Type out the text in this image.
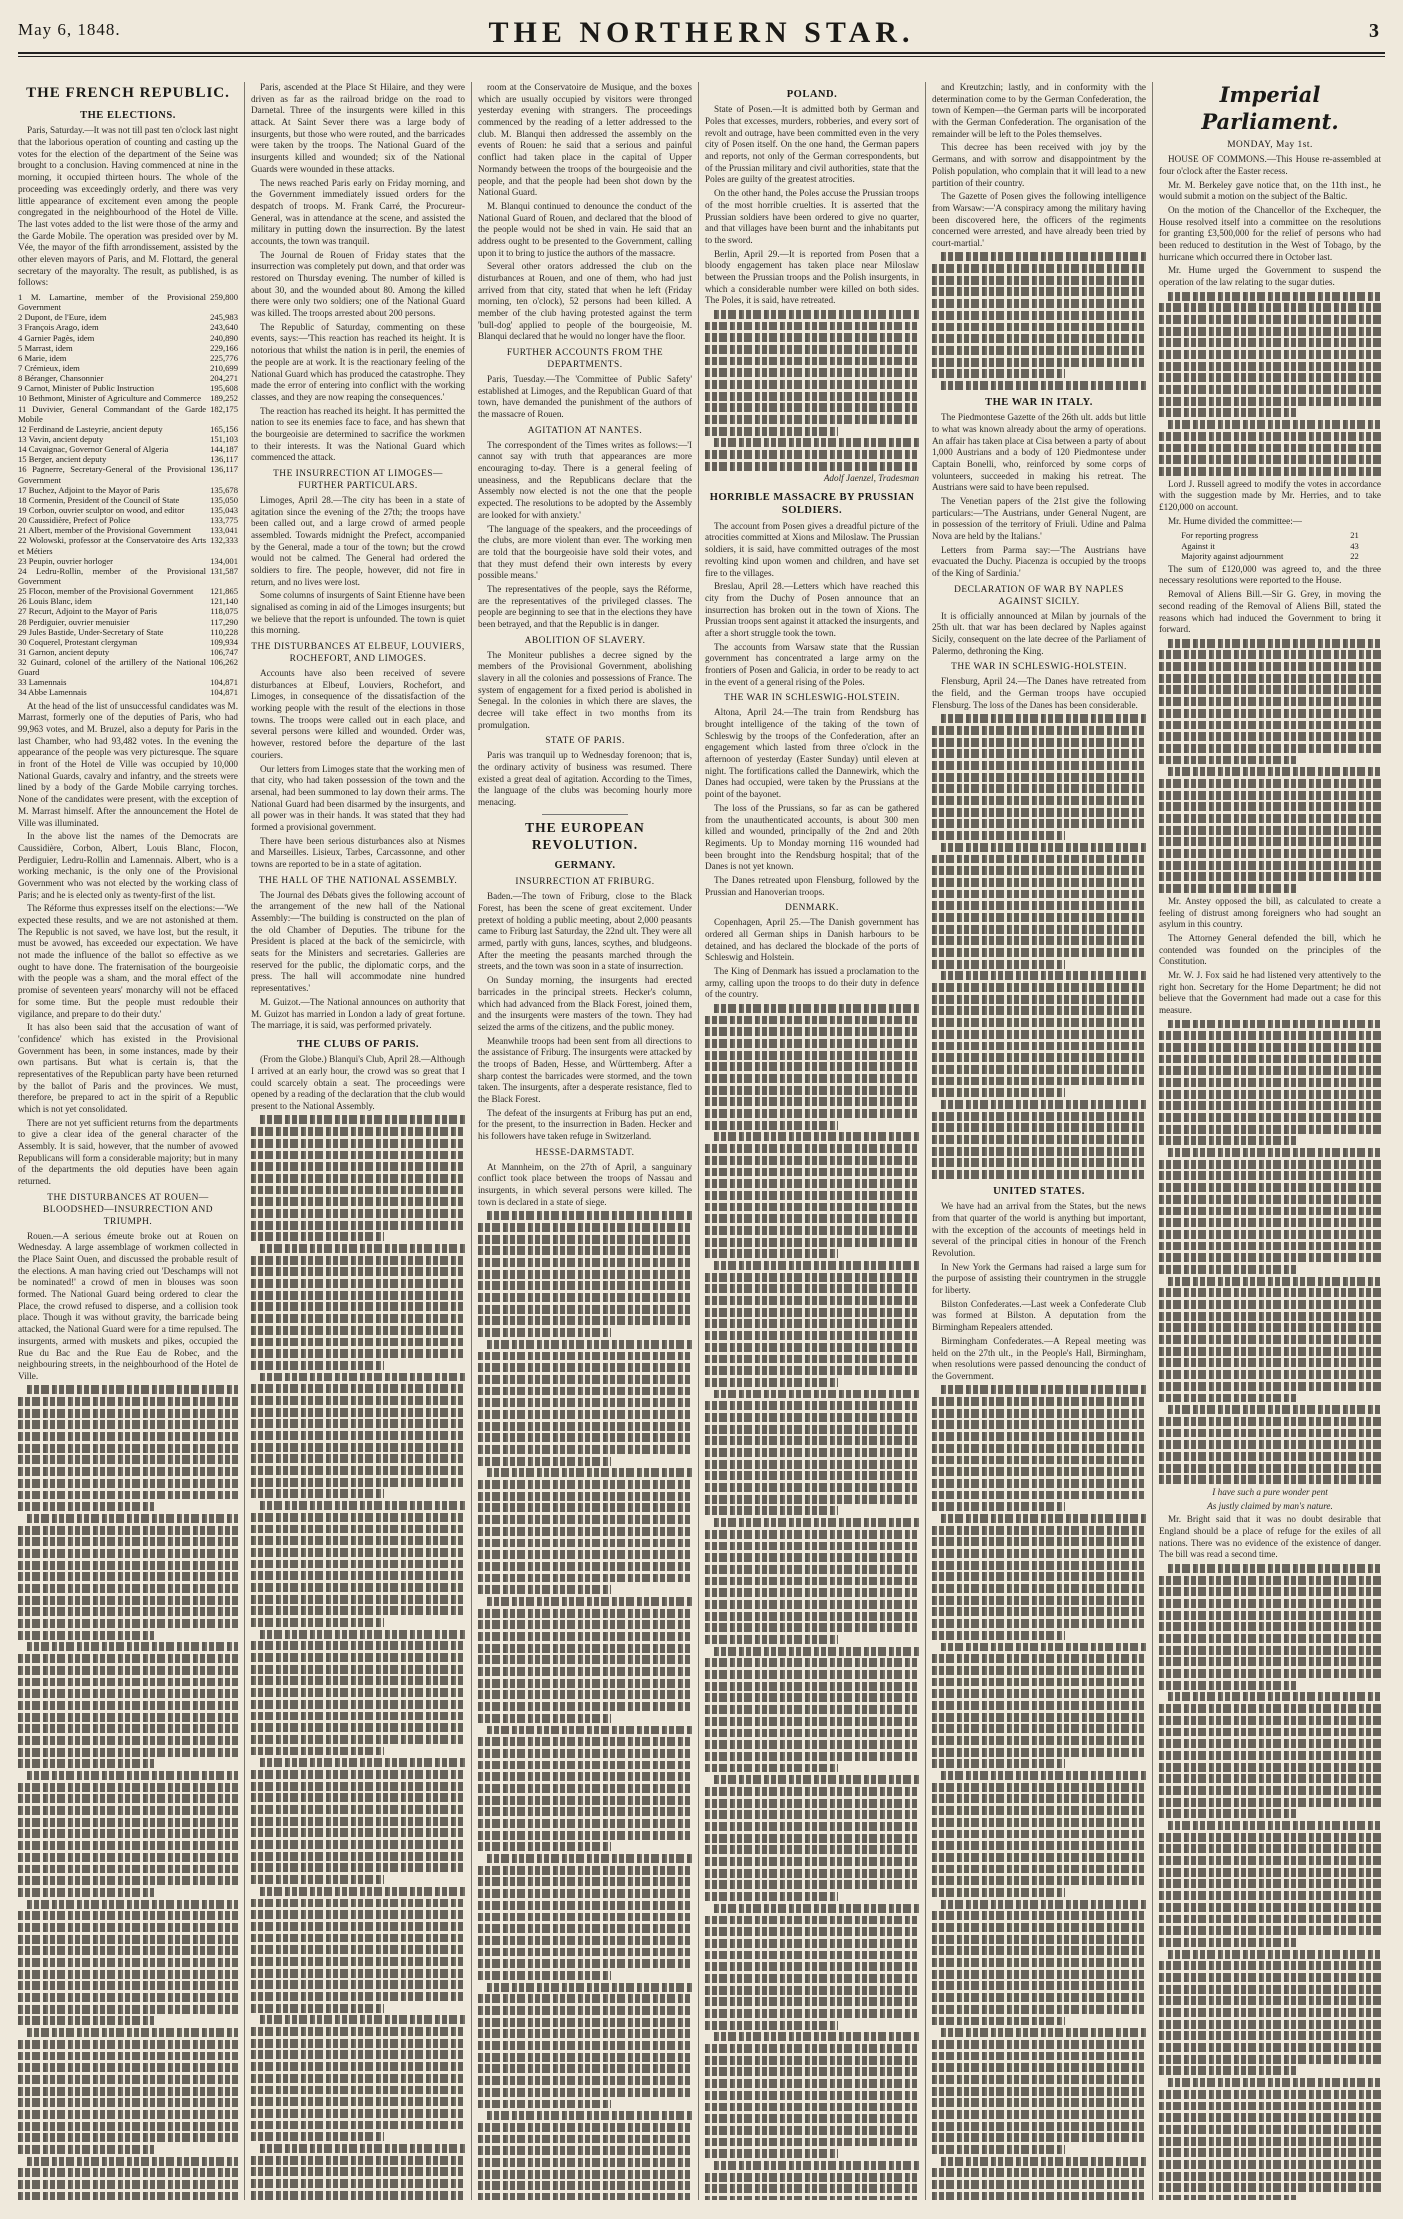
May 6, 1848.	THE NORTHERN STAR.	3
THE FRENCH REPUBLIC.
THE ELECTIONS.

Paris, Saturday.—It was not till past ten o'clock last night that the laborious operation of counting and casting up the votes for the election of the department of the Seine was brought to a conclusion. Having commenced at nine in the morning, it occupied thirteen hours. The whole of the proceeding was exceedingly orderly, and there was very little appearance of excitement even among the people congregated in the neighbourhood of the Hotel de Ville. The last votes added to the list were those of the army and the Garde Mobile. The operation was presided over by M. Vée, the mayor of the fifth arrondissement, assisted by the other eleven mayors of Paris, and M. Flottard, the general secretary of the mayoralty. The result, as published, is as follows:

1 M. Lamartine, member of the Provisional Government	259,800
2 Dupont, de l'Eure, idem	245,983
3 François Arago, idem	243,640
4 Garnier Pagès, idem	240,890
5 Marrast, idem	229,166
6 Marie, idem	225,776
7 Crémieux, idem	210,699
8 Béranger, Chansonnier	204,271
9 Carnot, Minister of Public Instruction	195,608
10 Bethmont, Minister of Agriculture and Commerce	189,252
11 Duvivier, General Commandant of the Garde Mobile	182,175
12 Ferdinand de Lasteyrie, ancient deputy	165,156
13 Vavin, ancient deputy	151,103
14 Cavaignac, Governor General of Algeria	144,187
15 Berger, ancient deputy	136,117
16 Pagnerre, Secretary-General of the Provisional Government	136,117
17 Buchez, Adjoint to the Mayor of Paris	135,678
18 Cormenin, President of the Council of State	135,050
19 Corbon, ouvrier sculptor on wood, and editor	135,043
20 Caussidière, Prefect of Police	133,775
21 Albert, member of the Provisional Government	133,041
22 Wolowski, professor at the Conservatoire des Arts et Métiers	132,333
23 Peupin, ouvrier horloger	134,001
24 Ledru-Rollin, member of the Provisional Government	131,587
25 Flocon, member of the Provisional Government	121,865
26 Louis Blanc, idem	121,140
27 Recurt, Adjoint to the Mayor of Paris	118,075
28 Perdiguier, ouvrier menuisier	117,290
29 Jules Bastide, Under-Secretary of State	110,228
30 Coquerel, Protestant clergyman	109,934
31 Garnon, ancient deputy	106,747
32 Guinard, colonel of the artillery of the National Guard	106,262
33 Lamennais	104,871
34 Abbe Lamennais	104,871

At the head of the list of unsuccessful candidates was M. Marrast, formerly one of the deputies of Paris, who had 99,963 votes, and M. Bruzel, also a deputy for Paris in the last Chamber, who had 93,482 votes. In the evening the appearance of the people was very picturesque. The square in front of the Hotel de Ville was occupied by 10,000 National Guards, cavalry and infantry, and the streets were lined by a body of the Garde Mobile carrying torches. None of the candidates were present, with the exception of M. Marrast himself. After the announcement the Hotel de Ville was illuminated.

In the above list the names of the Democrats are Caussidière, Corbon, Albert, Louis Blanc, Flocon, Perdiguier, Ledru-Rollin and Lamennais. Albert, who is a working mechanic, is the only one of the Provisional Government who was not elected by the working class of Paris; and he is elected only as twenty-first of the list.

The Réforme thus expresses itself on the elections:—'We expected these results, and we are not astonished at them. The Republic is not saved, we have lost, but the result, it must be avowed, has exceeded our expectation. We have not made the influence of the ballot so effective as we ought to have done. The fraternisation of the bourgeoisie with the people was a sham, and the moral effect of the promise of seventeen years' monarchy will not be effaced for some time. But the people must redouble their vigilance, and prepare to do their duty.'

It has also been said that the accusation of want of 'confidence' which has existed in the Provisional Government has been, in some instances, made by their own partisans. But what is certain is, that the representatives of the Republican party have been returned by the ballot of Paris and the provinces. We must, therefore, be prepared to act in the spirit of a Republic which is not yet consolidated.

There are not yet sufficient returns from the departments to give a clear idea of the general character of the Assembly. It is said, however, that the number of avowed Republicans will form a considerable majority; but in many of the departments the old deputies have been again returned.

THE DISTURBANCES AT ROUEN—BLOODSHED—INSURRECTION AND TRIUMPH.

Rouen.—A serious émeute broke out at Rouen on Wednesday. A large assemblage of workmen collected in the Place Saint Ouen, and discussed the probable result of the elections. A man having cried out 'Deschamps will not be nominated!' a crowd of men in blouses was soon formed. The National Guard being ordered to clear the Place, the crowd refused to disperse, and a collision took place. Though it was without gravity, the barricade being attacked, the National Guard were for a time repulsed. The insurgents, armed with muskets and pikes, occupied the Rue du Bac and the Rue Eau de Robec, and the neighbouring streets, in the neighbourhood of the Hotel de Ville.

Paris, ascended at the Place St Hilaire, and they were driven as far as the railroad bridge on the road to Darnetal. Three of the insurgents were killed in this attack. At Saint Sever there was a large body of insurgents, but those who were routed, and the barricades were taken by the troops. The National Guard of the insurgents killed and wounded; six of the National Guards were wounded in these attacks.

The news reached Paris early on Friday morning, and the Government immediately issued orders for the despatch of troops. M. Frank Carré, the Procureur-General, was in attendance at the scene, and assisted the military in putting down the insurrection. By the latest accounts, the town was tranquil.

The Journal de Rouen of Friday states that the insurrection was completely put down, and that order was restored on Thursday evening. The number of killed is about 30, and the wounded about 80. Among the killed there were only two soldiers; one of the National Guard was killed. The troops arrested about 200 persons.

The Republic of Saturday, commenting on these events, says:—'This reaction has reached its height. It is notorious that whilst the nation is in peril, the enemies of the people are at work. It is the reactionary feeling of the National Guard which has produced the catastrophe. They made the error of entering into conflict with the working classes, and they are now reaping the consequences.'

The reaction has reached its height. It has permitted the nation to see its enemies face to face, and has shewn that the bourgeoisie are determined to sacrifice the workmen to their interests. It was the National Guard which commenced the attack.

THE INSURRECTION AT LIMOGES—FURTHER PARTICULARS.

Limoges, April 28.—The city has been in a state of agitation since the evening of the 27th; the troops have been called out, and a large crowd of armed people assembled. Towards midnight the Prefect, accompanied by the General, made a tour of the town; but the crowd would not be calmed. The General had ordered the soldiers to fire. The people, however, did not fire in return, and no lives were lost.

Some columns of insurgents of Saint Etienne have been signalised as coming in aid of the Limoges insurgents; but we believe that the report is unfounded. The town is quiet this morning.

THE DISTURBANCES AT ELBEUF, LOUVIERS, ROCHEFORT, AND LIMOGES.

Accounts have also been received of severe disturbances at Elbeuf, Louviers, Rochefort, and Limoges, in consequence of the dissatisfaction of the working people with the result of the elections in those towns. The troops were called out in each place, and several persons were killed and wounded. Order was, however, restored before the departure of the last couriers.

Our letters from Limoges state that the working men of that city, who had taken possession of the town and the arsenal, had been summoned to lay down their arms. The National Guard had been disarmed by the insurgents, and all power was in their hands. It was stated that they had formed a provisional government.

There have been serious disturbances also at Nismes and Marseilles. Lisieux, Tarbes, Carcassonne, and other towns are reported to be in a state of agitation.

THE HALL OF THE NATIONAL ASSEMBLY.

The Journal des Débats gives the following account of the arrangement of the new hall of the National Assembly:—'The building is constructed on the plan of the old Chamber of Deputies. The tribune for the President is placed at the back of the semicircle, with seats for the Ministers and secretaries. Galleries are reserved for the public, the diplomatic corps, and the press. The hall will accommodate nine hundred representatives.'

M. Guizot.—The National announces on authority that M. Guizot has married in London a lady of great fortune. The marriage, it is said, was performed privately.

THE CLUBS OF PARIS.

(From the Globe.) Blanqui's Club, April 28.—Although I arrived at an early hour, the crowd was so great that I could scarcely obtain a seat. The proceedings were opened by a reading of the declaration that the club would present to the National Assembly.

room at the Conservatoire de Musique, and the boxes which are usually occupied by visitors were thronged yesterday evening with strangers. The proceedings commenced by the reading of a letter addressed to the club. M. Blanqui then addressed the assembly on the events of Rouen: he said that a serious and painful conflict had taken place in the capital of Upper Normandy between the troops of the bourgeoisie and the people, and that the people had been shot down by the National Guard.

M. Blanqui continued to denounce the conduct of the National Guard of Rouen, and declared that the blood of the people would not be shed in vain. He said that an address ought to be presented to the Government, calling upon it to bring to justice the authors of the massacre.

Several other orators addressed the club on the disturbances at Rouen, and one of them, who had just arrived from that city, stated that when he left (Friday morning, ten o'clock), 52 persons had been killed. A member of the club having protested against the term 'bull-dog' applied to people of the bourgeoisie, M. Blanqui declared that he would no longer have the floor.

FURTHER ACCOUNTS FROM THE DEPARTMENTS.

Paris, Tuesday.—The 'Committee of Public Safety' established at Limoges, and the Republican Guard of that town, have demanded the punishment of the authors of the massacre of Rouen.

AGITATION AT NANTES.

The correspondent of the Times writes as follows:—'I cannot say with truth that appearances are more encouraging to-day. There is a general feeling of uneasiness, and the Republicans declare that the Assembly now elected is not the one that the people expected. The resolutions to be adopted by the Assembly are looked for with anxiety.'

'The language of the speakers, and the proceedings of the clubs, are more violent than ever. The working men are told that the bourgeoisie have sold their votes, and that they must defend their own interests by every possible means.'

The representatives of the people, says the Réforme, are the representatives of the privileged classes. The people are beginning to see that in the elections they have been betrayed, and that the Republic is in danger.

ABOLITION OF SLAVERY.

The Moniteur publishes a decree signed by the members of the Provisional Government, abolishing slavery in all the colonies and possessions of France. The system of engagement for a fixed period is abolished in Senegal. In the colonies in which there are slaves, the decree will take effect in two months from its promulgation.

STATE OF PARIS.

Paris was tranquil up to Wednesday forenoon; that is, the ordinary activity of business was resumed. There existed a great deal of agitation. According to the Times, the language of the clubs was becoming hourly more menacing.

THE EUROPEAN REVOLUTION.
GERMANY.
INSURRECTION AT FRIBURG.

Baden.—The town of Friburg, close to the Black Forest, has been the scene of great excitement. Under pretext of holding a public meeting, about 2,000 peasants came to Friburg last Saturday, the 22nd ult. They were all armed, partly with guns, lances, scythes, and bludgeons. After the meeting the peasants marched through the streets, and the town was soon in a state of insurrection.

On Sunday morning, the insurgents had erected barricades in the principal streets. Hecker's column, which had advanced from the Black Forest, joined them, and the insurgents were masters of the town. They had seized the arms of the citizens, and the public money.

Meanwhile troops had been sent from all directions to the assistance of Friburg. The insurgents were attacked by the troops of Baden, Hesse, and Württemberg. After a sharp contest the barricades were stormed, and the town taken. The insurgents, after a desperate resistance, fled to the Black Forest.

The defeat of the insurgents at Friburg has put an end, for the present, to the insurrection in Baden. Hecker and his followers have taken refuge in Switzerland.

HESSE-DARMSTADT.

At Mannheim, on the 27th of April, a sanguinary conflict took place between the troops of Nassau and insurgents, in which several persons were killed. The town is declared in a state of siege.

POLAND.

State of Posen.—It is admitted both by German and Poles that excesses, murders, robberies, and every sort of revolt and outrage, have been committed even in the very city of Posen itself. On the one hand, the German papers and reports, not only of the German correspondents, but of the Prussian military and civil authorities, state that the Poles are guilty of the greatest atrocities.

On the other hand, the Poles accuse the Prussian troops of the most horrible cruelties. It is asserted that the Prussian soldiers have been ordered to give no quarter, and that villages have been burnt and the inhabitants put to the sword.

Berlin, April 29.—It is reported from Posen that a bloody engagement has taken place near Miloslaw between the Prussian troops and the Polish insurgents, in which a considerable number were killed on both sides. The Poles, it is said, have retreated.

Adolf Jaenzel, Tradesman

HORRIBLE MASSACRE BY PRUSSIAN SOLDIERS.

The account from Posen gives a dreadful picture of the atrocities committed at Xions and Miloslaw. The Prussian soldiers, it is said, have committed outrages of the most revolting kind upon women and children, and have set fire to the villages.

Breslau, April 28.—Letters which have reached this city from the Duchy of Posen announce that an insurrection has broken out in the town of Xions. The Prussian troops sent against it attacked the insurgents, and after a short struggle took the town.

The accounts from Warsaw state that the Russian government has concentrated a large army on the frontiers of Posen and Galicia, in order to be ready to act in the event of a general rising of the Poles.

THE WAR IN SCHLESWIG-HOLSTEIN.

Altona, April 24.—The train from Rendsburg has brought intelligence of the taking of the town of Schleswig by the troops of the Confederation, after an engagement which lasted from three o'clock in the afternoon of yesterday (Easter Sunday) until eleven at night. The fortifications called the Dannewirk, which the Danes had occupied, were taken by the Prussians at the point of the bayonet.

The loss of the Prussians, so far as can be gathered from the unauthenticated accounts, is about 300 men killed and wounded, principally of the 2nd and 20th Regiments. Up to Monday morning 116 wounded had been brought into the Rendsburg hospital; that of the Danes is not yet known.

The Danes retreated upon Flensburg, followed by the Prussian and Hanoverian troops.

DENMARK.

Copenhagen, April 25.—The Danish government has ordered all German ships in Danish harbours to be detained, and has declared the blockade of the ports of Schleswig and Holstein.

The King of Denmark has issued a proclamation to the army, calling upon the troops to do their duty in defence of the country.

and Kreutzchin; lastly, and in conformity with the determination come to by the German Confederation, the town of Kempen—the German parts will be incorporated with the German Confederation. The organisation of the remainder will be left to the Poles themselves.

This decree has been received with joy by the Germans, and with sorrow and disappointment by the Polish population, who complain that it will lead to a new partition of their country.

The Gazette of Posen gives the following intelligence from Warsaw:—'A conspiracy among the military having been discovered here, the officers of the regiments concerned were arrested, and have already been tried by court-martial.'

THE WAR IN ITALY.

The Piedmontese Gazette of the 26th ult. adds but little to what was known already about the army of operations. An affair has taken place at Cisa between a party of about 1,000 Austrians and a body of 120 Piedmontese under Captain Bonelli, who, reinforced by some corps of volunteers, succeeded in making his retreat. The Austrians were said to have been repulsed.

The Venetian papers of the 21st give the following particulars:—'The Austrians, under General Nugent, are in possession of the territory of Friuli. Udine and Palma Nova are held by the Italians.'

Letters from Parma say:—'The Austrians have evacuated the Duchy. Piacenza is occupied by the troops of the King of Sardinia.'

DECLARATION OF WAR BY NAPLES AGAINST SICILY.

It is officially announced at Milan by journals of the 25th ult. that war has been declared by Naples against Sicily, consequent on the late decree of the Parliament of Palermo, dethroning the King.

THE WAR IN SCHLESWIG-HOLSTEIN.

Flensburg, April 24.—The Danes have retreated from the field, and the German troops have occupied Flensburg. The loss of the Danes has been considerable.

UNITED STATES.

We have had an arrival from the States, but the news from that quarter of the world is anything but important, with the exception of the accounts of meetings held in several of the principal cities in honour of the French Revolution.

In New York the Germans had raised a large sum for the purpose of assisting their countrymen in the struggle for liberty.

Bilston Confederates.—Last week a Confederate Club was formed at Bilston. A deputation from the Birmingham Repealers attended.

Birmingham Confederates.—A Repeal meeting was held on the 27th ult., in the People's Hall, Birmingham, when resolutions were passed denouncing the conduct of the Government.

Imperial Parliament.
MONDAY, May 1st.

HOUSE OF COMMONS.—This House re-assembled at four o'clock after the Easter recess.

Mr. M. Berkeley gave notice that, on the 11th inst., he would submit a motion on the subject of the Baltic.

On the motion of the Chancellor of the Exchequer, the House resolved itself into a committee on the resolutions for granting £3,500,000 for the relief of persons who had been reduced to destitution in the West of Tobago, by the hurricane which occurred there in October last.

Mr. Hume urged the Government to suspend the operation of the law relating to the sugar duties.

Lord J. Russell agreed to modify the votes in accordance with the suggestion made by Mr. Herries, and to take £120,000 on account.

Mr. Hume divided the committee:—

For reporting progress	21
Against it	43
Majority against adjournment	22

The sum of £120,000 was agreed to, and the three necessary resolutions were reported to the House.

Removal of Aliens Bill.—Sir G. Grey, in moving the second reading of the Removal of Aliens Bill, stated the reasons which had induced the Government to bring it forward.

Mr. Anstey opposed the bill, as calculated to create a feeling of distrust among foreigners who had sought an asylum in this country.

The Attorney General defended the bill, which he contended was founded on the principles of the Constitution.

Mr. W. J. Fox said he had listened very attentively to the right hon. Secretary for the Home Department; he did not believe that the Government had made out a case for this measure.

I have such a pure wonder pent

As justly claimed by man's nature.

Mr. Bright said that it was no doubt desirable that England should be a place of refuge for the exiles of all nations. There was no evidence of the existence of danger. The bill was read a second time.
